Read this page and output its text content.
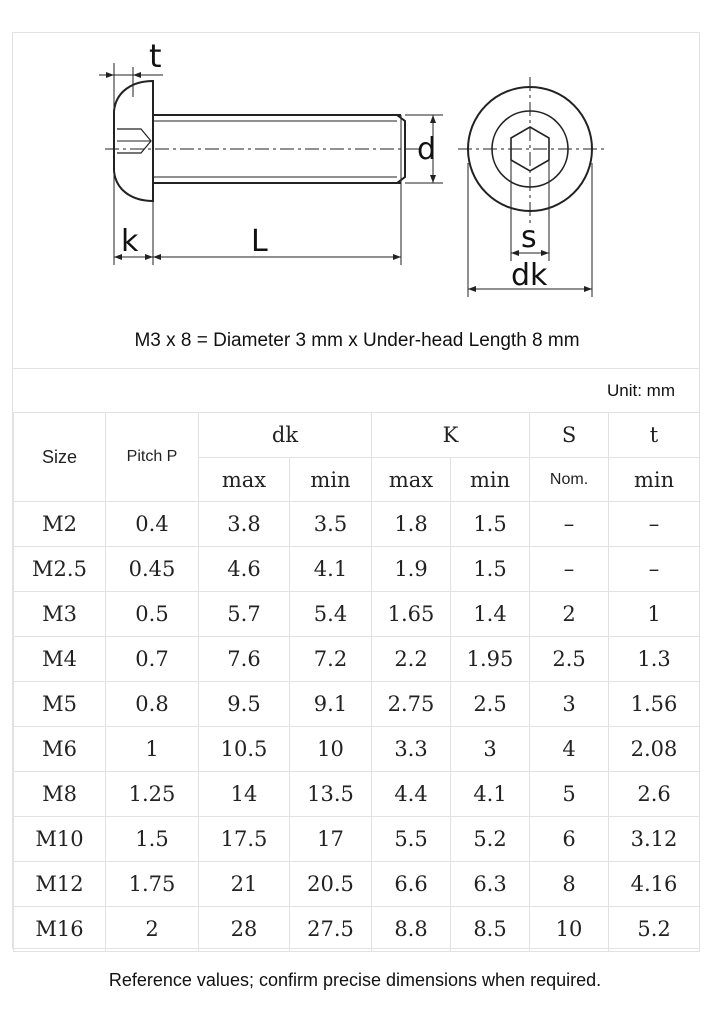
t
d
k	L	s
dk
M3 x 8 = Diameter 3 mm x Under-head Length 8 mm
Unit: mm
Size	Pitch P	dk		K		S	t
		max	min	max	min	Nom.	min
M2	0.4	3.8	3.5	1.8	1.5	–	–
M2.5	0.45	4.6	4.1	1.9	1.5	–	–
M3	0.5	5.7	5.4	1.65	1.4	2	1
M4	0.7	7.6	7.2	2.2	1.95	2.5	1.3
M5	0.8	9.5	9.1	2.75	2.5	3	1.56
M6	1	10.5	10	3.3	3	4	2.08
M8	1.25	14	13.5	4.4	4.1	5	2.6
M10	1.5	17.5	17	5.5	5.2	6	3.12
M12	1.75	21	20.5	6.6	6.3	8	4.16
M16	2	28	27.5	8.8	8.5	10	5.2
Reference values; confirm precise dimensions when required.
